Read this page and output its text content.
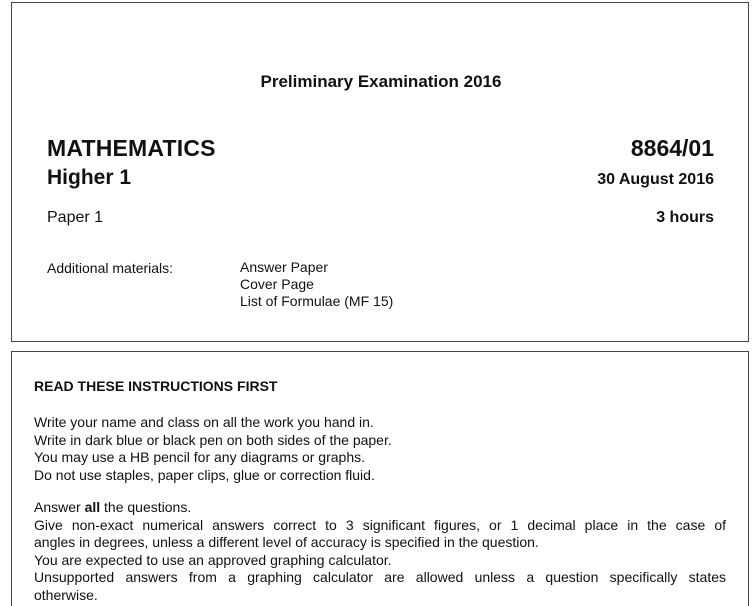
Preliminary Examination 2016
MATHEMATICS	8864/01
Higher 1	30 August 2016
Paper 1	3 hours
Additional materials:	Answer Paper
Cover Page
List of Formulae (MF 15)
READ THESE INSTRUCTIONS FIRST
Write your name and class on all the work you hand in.
Write in dark blue or black pen on both sides of the paper.
You may use a HB pencil for any diagrams or graphs.
Do not use staples, paper clips, glue or correction fluid.
Answer all the questions.
Give non-exact numerical answers correct to 3 significant figures, or 1 decimal place in the case of
angles in degrees, unless a different level of accuracy is specified in the question.
You are expected to use an approved graphing calculator.
Unsupported answers from a graphing calculator are allowed unless a question specifically states
otherwise.
